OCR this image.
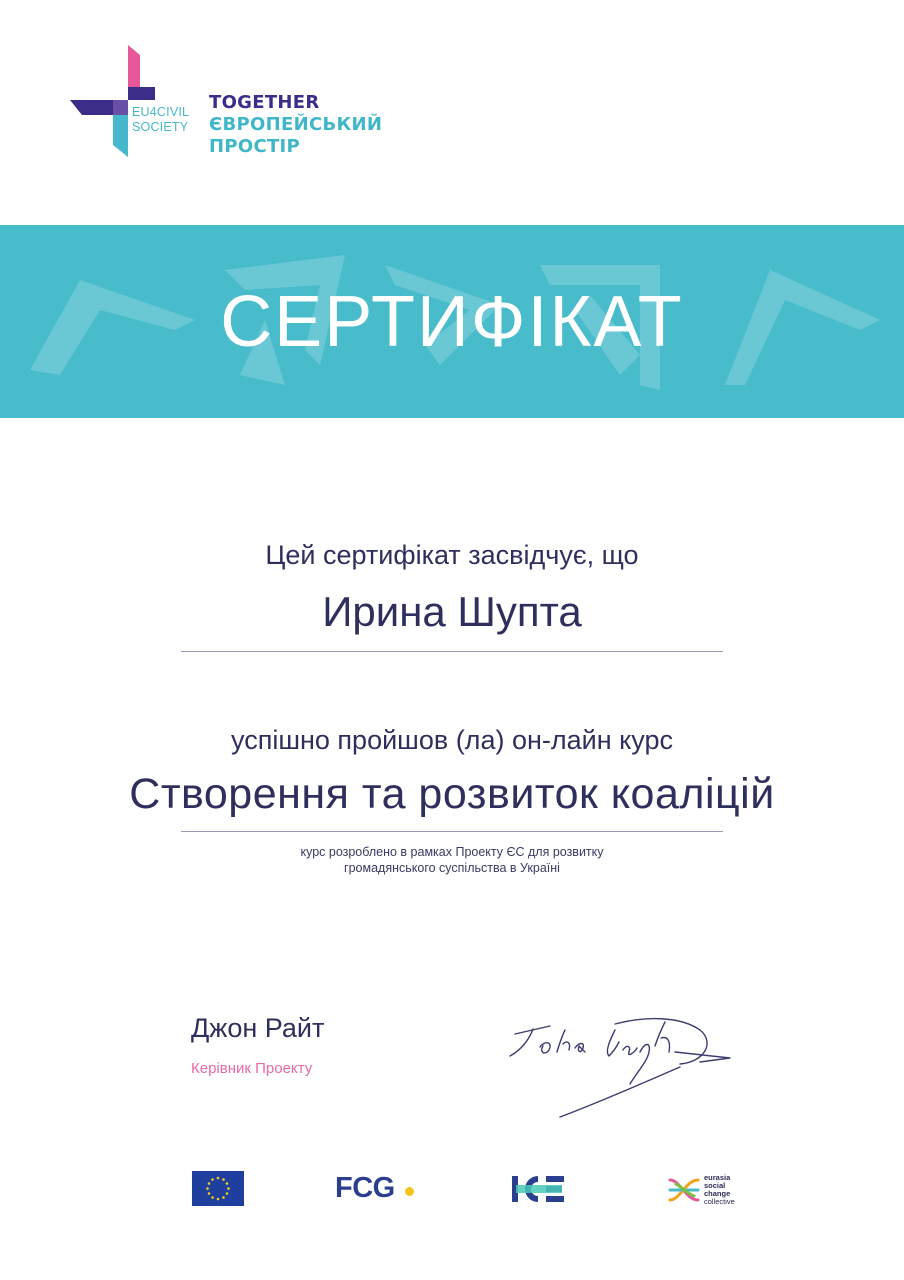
EU4CIVIL
SOCIETY
TOGETHER
ЄВРОПЕЙСЬКИЙ
ПРОСТІР
СЕРТИФІКАТ
Цей сертифікат засвідчує, що
Ирина Шупта
успішно пройшов (ла) он-лайн курс
Створення та розвиток коаліцій
курс розроблено в рамках Проекту ЄС для розвитку
громадянського суспільства в Україні
Джон Райт
Керівник Проекту
FCG	eurasia
social
change
collective
